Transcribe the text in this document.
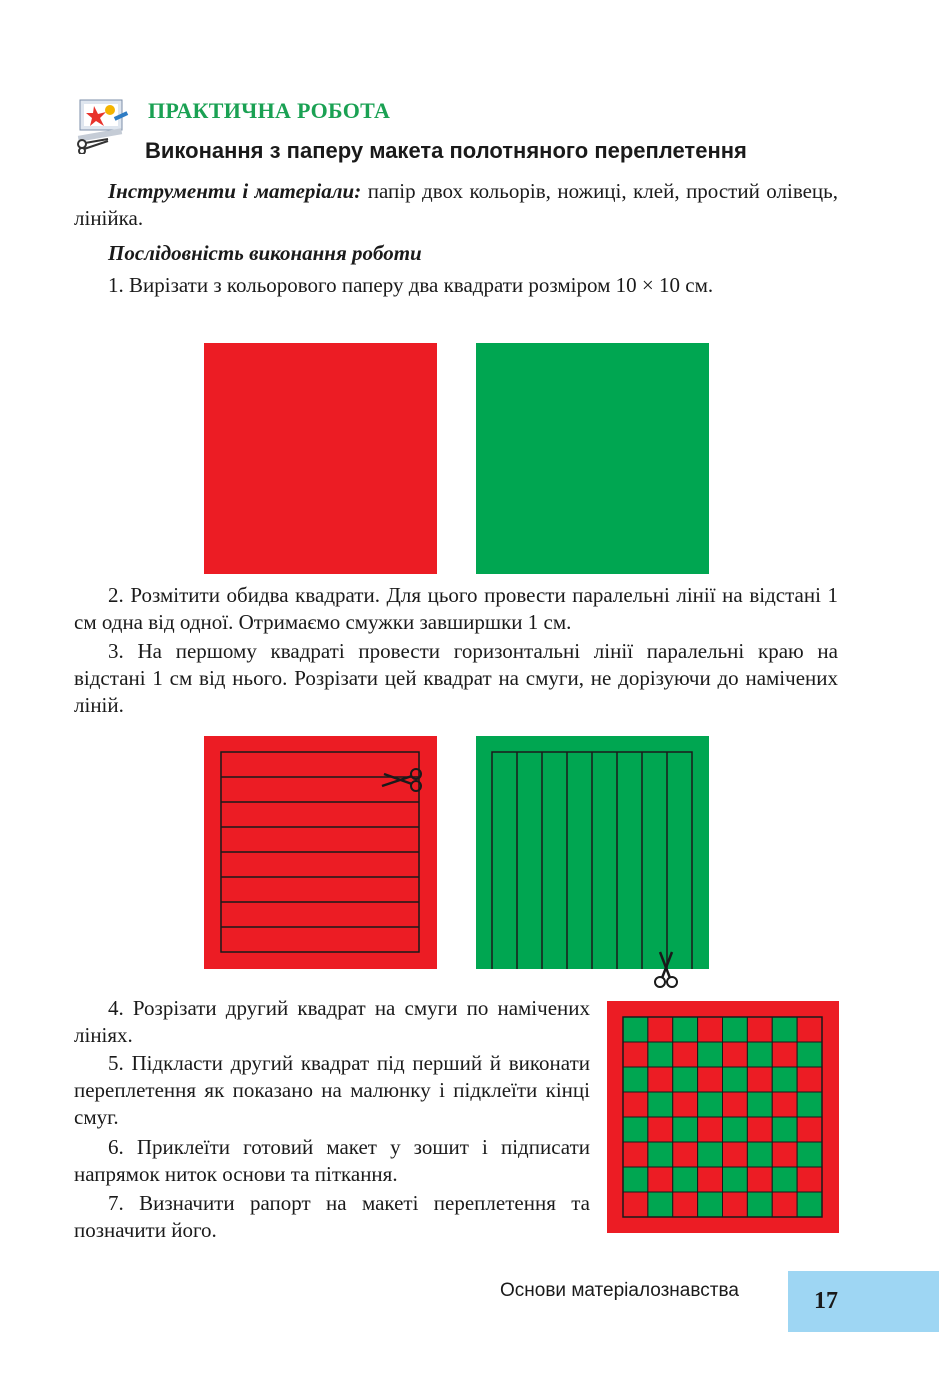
ПРАКТИЧНА РОБОТА
Виконання з паперу макета полотняного переплетення

Інструменти і матеріали: папір двох кольорів, ножиці, клей, простий олівець, лінійка.

Послідовність виконання роботи

1. Вирізати з кольорового паперу два квадрати розміром 10 × 10 см.

2. Розмітити обидва квадрати. Для цього провести паралельні лінії на відстані 1 см одна від одної. Отримаємо смужки завширшки 1 см.

3. На першому квадраті провести горизонтальні лінії паралельні краю на відстані 1 см від нього. Розрізати цей квадрат на смуги, не дорізуючи до намічених ліній.

4. Розрізати другий квадрат на смуги по намічених лініях.

5. Підкласти другий квадрат під перший й виконати переплетення як показано на малюнку і підклеїти кінці смуг.

6. Приклеїти готовий макет у зошит і підписати напрямок ниток основи та піткання.

7. Визначити рапорт на макеті переплетення та позначити його.

Основи матеріалознавства	17
